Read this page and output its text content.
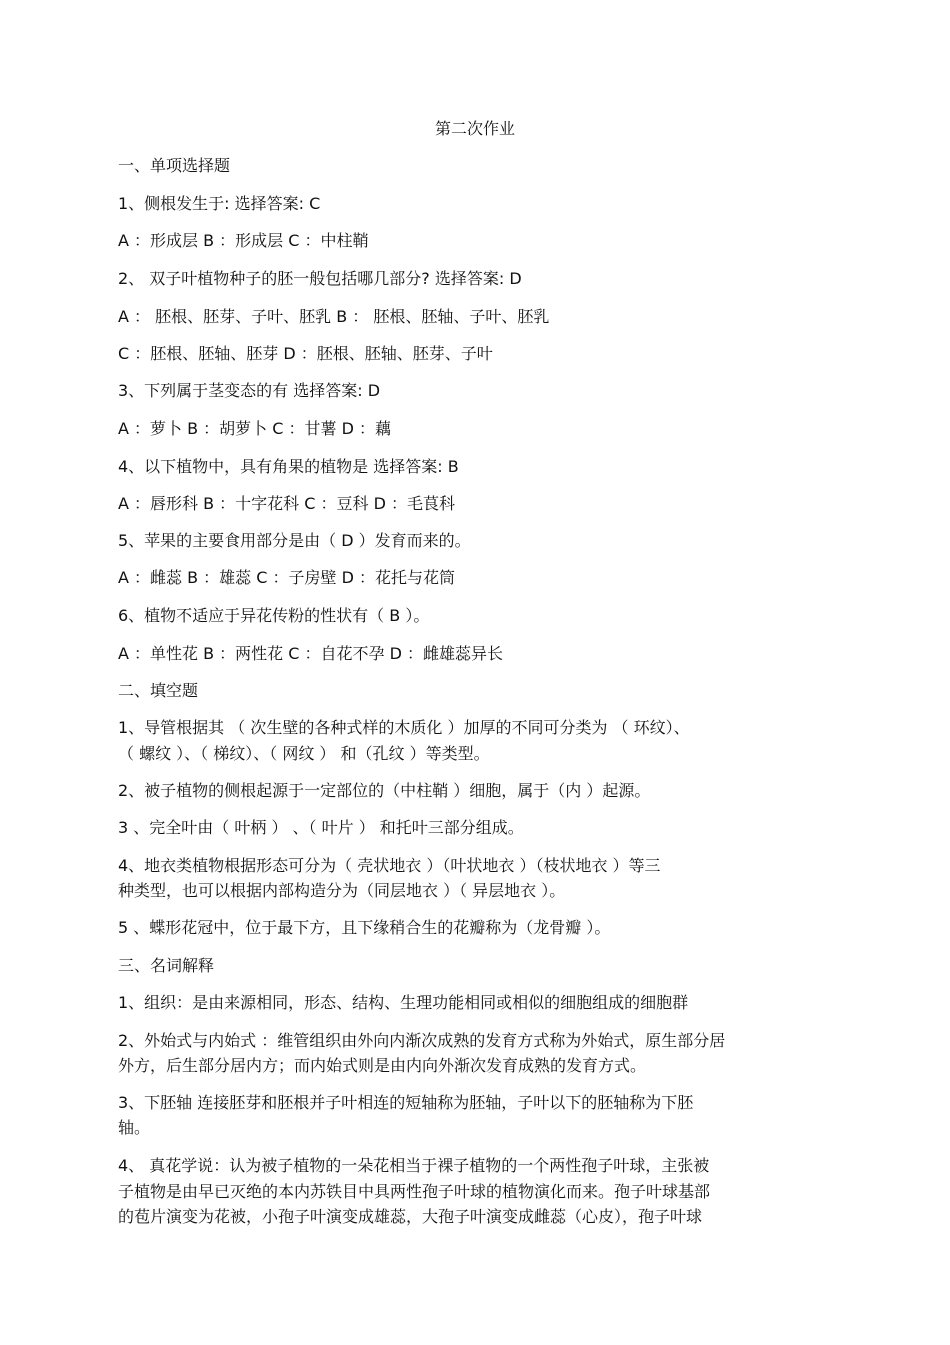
第二次作业
一、单项选择题
1、侧根发生于: 选择答案: C
A ：形成层 B ：形成层 C ：中柱鞘
2、 双子叶植物种子的胚一般包括哪几部分? 选择答案: D
A ： 胚根、胚芽、子叶、胚乳 B ： 胚根、胚轴、子叶、胚乳
C ：胚根、胚轴、胚芽 D ：胚根、胚轴、胚芽、子叶
3、下列属于茎变态的有 选择答案: D
A ：萝卜 B ：胡萝卜 C ：甘薯 D ：藕
4、以下植物中，具有角果的植物是 选择答案: B
A ：唇形科 B ：十字花科 C ：豆科 D ：毛茛科
5、苹果的主要食用部分是由（ D ）发育而来的。
A ：雌蕊 B ：雄蕊 C ：子房壁 D ：花托与花筒
6、植物不适应于异花传粉的性状有（ B ）。
A ：单性花 B ：两性花 C ：自花不孕 D ：雌雄蕊异长
二、填空题
1、导管根据其 （ 次生壁的各种式样的木质化 ）加厚的不同可分类为 （ 环纹）、
（ 螺纹 ）、（ 梯纹）、（ 网纹 ） 和（孔纹 ）等类型。
2、被子植物的侧根起源于一定部位的（中柱鞘 ）细胞，属于（内 ）起源。
3 、完全叶由（ 叶柄 ） 、（ 叶片 ） 和托叶三部分组成。
4、地衣类植物根据形态可分为（ 壳状地衣 ）（叶状地衣 ）（枝状地衣 ）等三
种类型，也可以根据内部构造分为（同层地衣 ）（ 异层地衣 ）。
5 、蝶形花冠中，位于最下方，且下缘稍合生的花瓣称为（龙骨瓣 ）。
三、名词解释
1、组织：是由来源相同，形态、结构、生理功能相同或相似的细胞组成的细胞群
2、外始式与内始式 ：维管组织由外向内渐次成熟的发育方式称为外始式，原生部分居
外方，后生部分居内方；而内始式则是由内向外渐次发育成熟的发育方式。
3、下胚轴 连接胚芽和胚根并子叶相连的短轴称为胚轴，子叶以下的胚轴称为下胚
轴。
4、 真花学说：认为被子植物的一朵花相当于裸子植物的一个两性孢子叶球，主张被
子植物是由早已灭绝的本内苏铁目中具两性孢子叶球的植物演化而来。孢子叶球基部
的苞片演变为花被，小孢子叶演变成雄蕊，大孢子叶演变成雌蕊（心皮），孢子叶球
